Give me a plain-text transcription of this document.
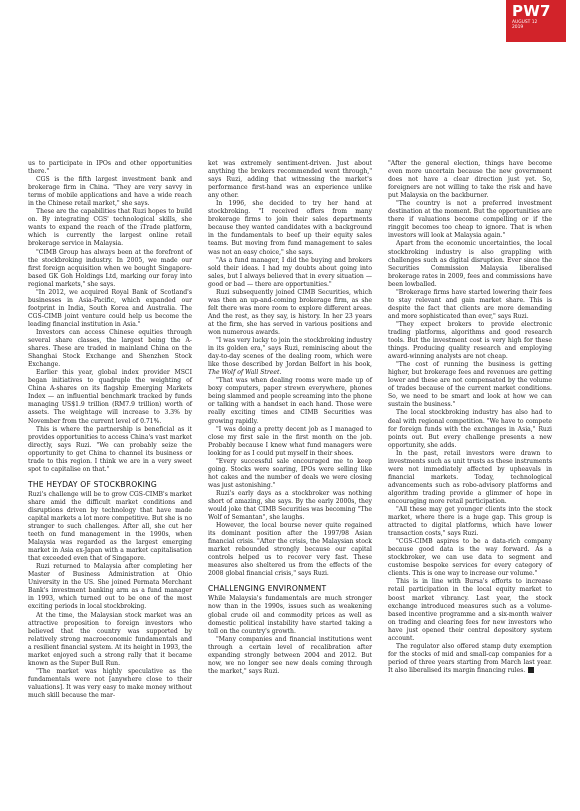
PW7
AUGUST 12
2019

us to participate in IPOs and other opportunities there."

CGS is the fifth largest investment bank and brokerage firm in China. "They are very savvy in terms of mobile applications and have a wide reach in the Chinese retail market," she says.

These are the capabilities that Ruzi hopes to build on. By integrating CGS' technological skills, she wants to expand the reach of the iTrade platform, which is currently the largest online retail brokerage service in Malaysia.

"CIMB Group has always been at the forefront of the stockbroking industry. In 2005, we made our first foreign acquisition when we bought Singapore-based GK Goh Holdings Ltd, marking our foray into regional markets," she says.

"In 2012, we acquired Royal Bank of Scotland's businesses in Asia-Pacific, which expanded our footprint in India, South Korea and Australia. The CGS-CIMB joint venture could help us become the leading financial institution in Asia."

Investors can access Chinese equities through several share classes, the largest being the A-shares. These are traded in mainland China on the Shanghai Stock Exchange and Shenzhen Stock Exchange.

Earlier this year, global index provider MSCI began initiatives to quadruple the weighting of China A-shares on its flagship Emerging Markets Index — an influential benchmark tracked by funds managing US$1.9 trillion (RM7.9 trillion) worth of assets. The weightage will increase to 3.3% by November from the current level of 0.71%.

This is where the partnership is beneficial as it provides opportunities to access China's vast market directly, says Ruzi. "We can probably seize the opportunity to get China to channel its business or trade to this region. I think we are in a very sweet spot to capitalise on that."

THE HEYDAY OF STOCKBROKING

Ruzi's challenge will be to grow CGS-CIMB's market share amid the difficult market conditions and disruptions driven by technology that have made capital markets a lot more competitive. But she is no stranger to such challenges. After all, she cut her teeth on fund management in the 1990s, when Malaysia was regarded as the largest emerging market in Asia ex-Japan with a market capitalisation that exceeded even that of Singapore.

Ruzi returned to Malaysia after completing her Master of Business Administration at Ohio University in the US. She joined Permata Merchant Bank's investment banking arm as a fund manager in 1993, which turned out to be one of the most exciting periods in local stockbroking.

At the time, the Malaysian stock market was an attractive proposition to foreign investors who believed that the country was supported by relatively strong macroeconomic fundamentals and a resilient financial system. At its height in 1993, the market enjoyed such a strong rally that it became known as the Super Bull Run.

"The market was highly speculative as the fundamentals were not [anywhere close to their valuations]. It was very easy to make money without much skill because the mar-

ket was extremely sentiment-driven. Just about anything the brokers recommended went through," says Ruzi, adding that witnessing the market's performance first-hand was an experience unlike any other.

In 1996, she decided to try her hand at stockbroking. "I received offers from many brokerage firms to join their sales departments because they wanted candidates with a background in the fundamentals to beef up their equity sales teams. But moving from fund management to sales was not an easy choice," she says.

"As a fund manager, I did the buying and brokers sold their ideas. I had my doubts about going into sales, but I always believed that in every situation — good or bad — there are opportunities."

Ruzi subsequently joined CIMB Securities, which was then an up-and-coming brokerage firm, as she felt there was more room to explore different areas. And the rest, as they say, is history. In her 23 years at the firm, she has served in various positions and won numerous awards.

"I was very lucky to join the stockbroking industry in its golden era," says Ruzi, reminiscing about the day-to-day scenes of the dealing room, which were like those described by Jordan Belfort in his book, The Wolf of Wall Street.

"That was when dealing rooms were made up of boxy computers, paper strewn everywhere, phones being slammed and people screaming into the phone or talking with a handset in each hand. Those were really exciting times and CIMB Securities was growing rapidly.

"I was doing a pretty decent job as I managed to close my first sale in the first month on the job. Probably because I knew what fund managers were looking for as I could put myself in their shoes.

"Every successful sale encouraged me to keep going. Stocks were soaring, IPOs were selling like hot cakes and the number of deals we were closing was just astonishing."

Ruzi's early days as a stockbroker was nothing short of amazing, she says. By the early 2000s, they would joke that CIMB Securities was becoming "The Wolf of Semantan", she laughs.

However, the local bourse never quite regained its dominant position after the 1997/98 Asian financial crisis. "After the crisis, the Malaysian stock market rebounded strongly because our capital controls helped us to recover very fast. These measures also sheltered us from the effects of the 2008 global financial crisis," says Ruzi.

CHALLENGING ENVIRONMENT

While Malaysia's fundamentals are much stronger now than in the 1990s, issues such as weakening global crude oil and commodity prices as well as domestic political instability have started taking a toll on the country's growth.

"Many companies and financial institutions went through a certain level of recalibration after expanding strongly between 2004 and 2012. But now, we no longer see new deals coming through the market," says Ruzi.

"After the general election, things have become even more uncertain because the new government does not have a clear direction just yet. So, foreigners are not willing to take the risk and have put Malaysia on the backburner.

"The country is not a preferred investment destination at the moment. But the opportunities are there if valuations become compelling or if the ringgit becomes too cheap to ignore. That is when investors will look at Malaysia again."

Apart from the economic uncertainties, the local stockbroking industry is also grappling with challenges such as digital disruption. Ever since the Securities Commission Malaysia liberalised brokerage rates in 2009, fees and commissions have been lowballed.

"Brokerage firms have started lowering their fees to stay relevant and gain market share. This is despite the fact that clients are more demanding and more sophisticated than ever," says Ruzi.

"They expect brokers to provide electronic trading platforms, algorithms and good research tools. But the investment cost is very high for these things. Producing quality research and employing award-winning analysts are not cheap.

"The cost of running the business is getting higher, but brokerage fees and revenues are getting lower and these are not compensated by the volume of trades because of the current market conditions. So, we need to be smart and look at how we can sustain the business."

The local stockbroking industry has also had to deal with regional competition. "We have to compete for foreign funds with the exchanges in Asia," Ruzi points out. But every challenge presents a new opportunity, she adds.

In the past, retail investors were drawn to investments such as unit trusts as these instruments were not immediately affected by upheavals in financial markets. Today, technological advancements such as robo-advisory platforms and algorithm trading provide a glimmer of hope in encouraging more retail participation.

"All these may get younger clients into the stock market, where there is a huge gap. This group is attracted to digital platforms, which have lower transaction costs," says Ruzi.

"CGS-CIMB aspires to be a data-rich company because good data is the way forward. As a stockbroker, we can use data to segment and customise bespoke services for every category of clients. This is one way to increase our volume."

This is in line with Bursa's efforts to increase retail participation in the local equity market to boost market vibrancy. Last year, the stock exchange introduced measures such as a volume-based incentive programme and a six-month waiver on trading and clearing fees for new investors who have just opened their central depository system account.

The regulator also offered stamp duty exemption for the stocks of mid and small-cap companies for a period of three years starting from March last year. It also liberalised its margin financing rules.	E
